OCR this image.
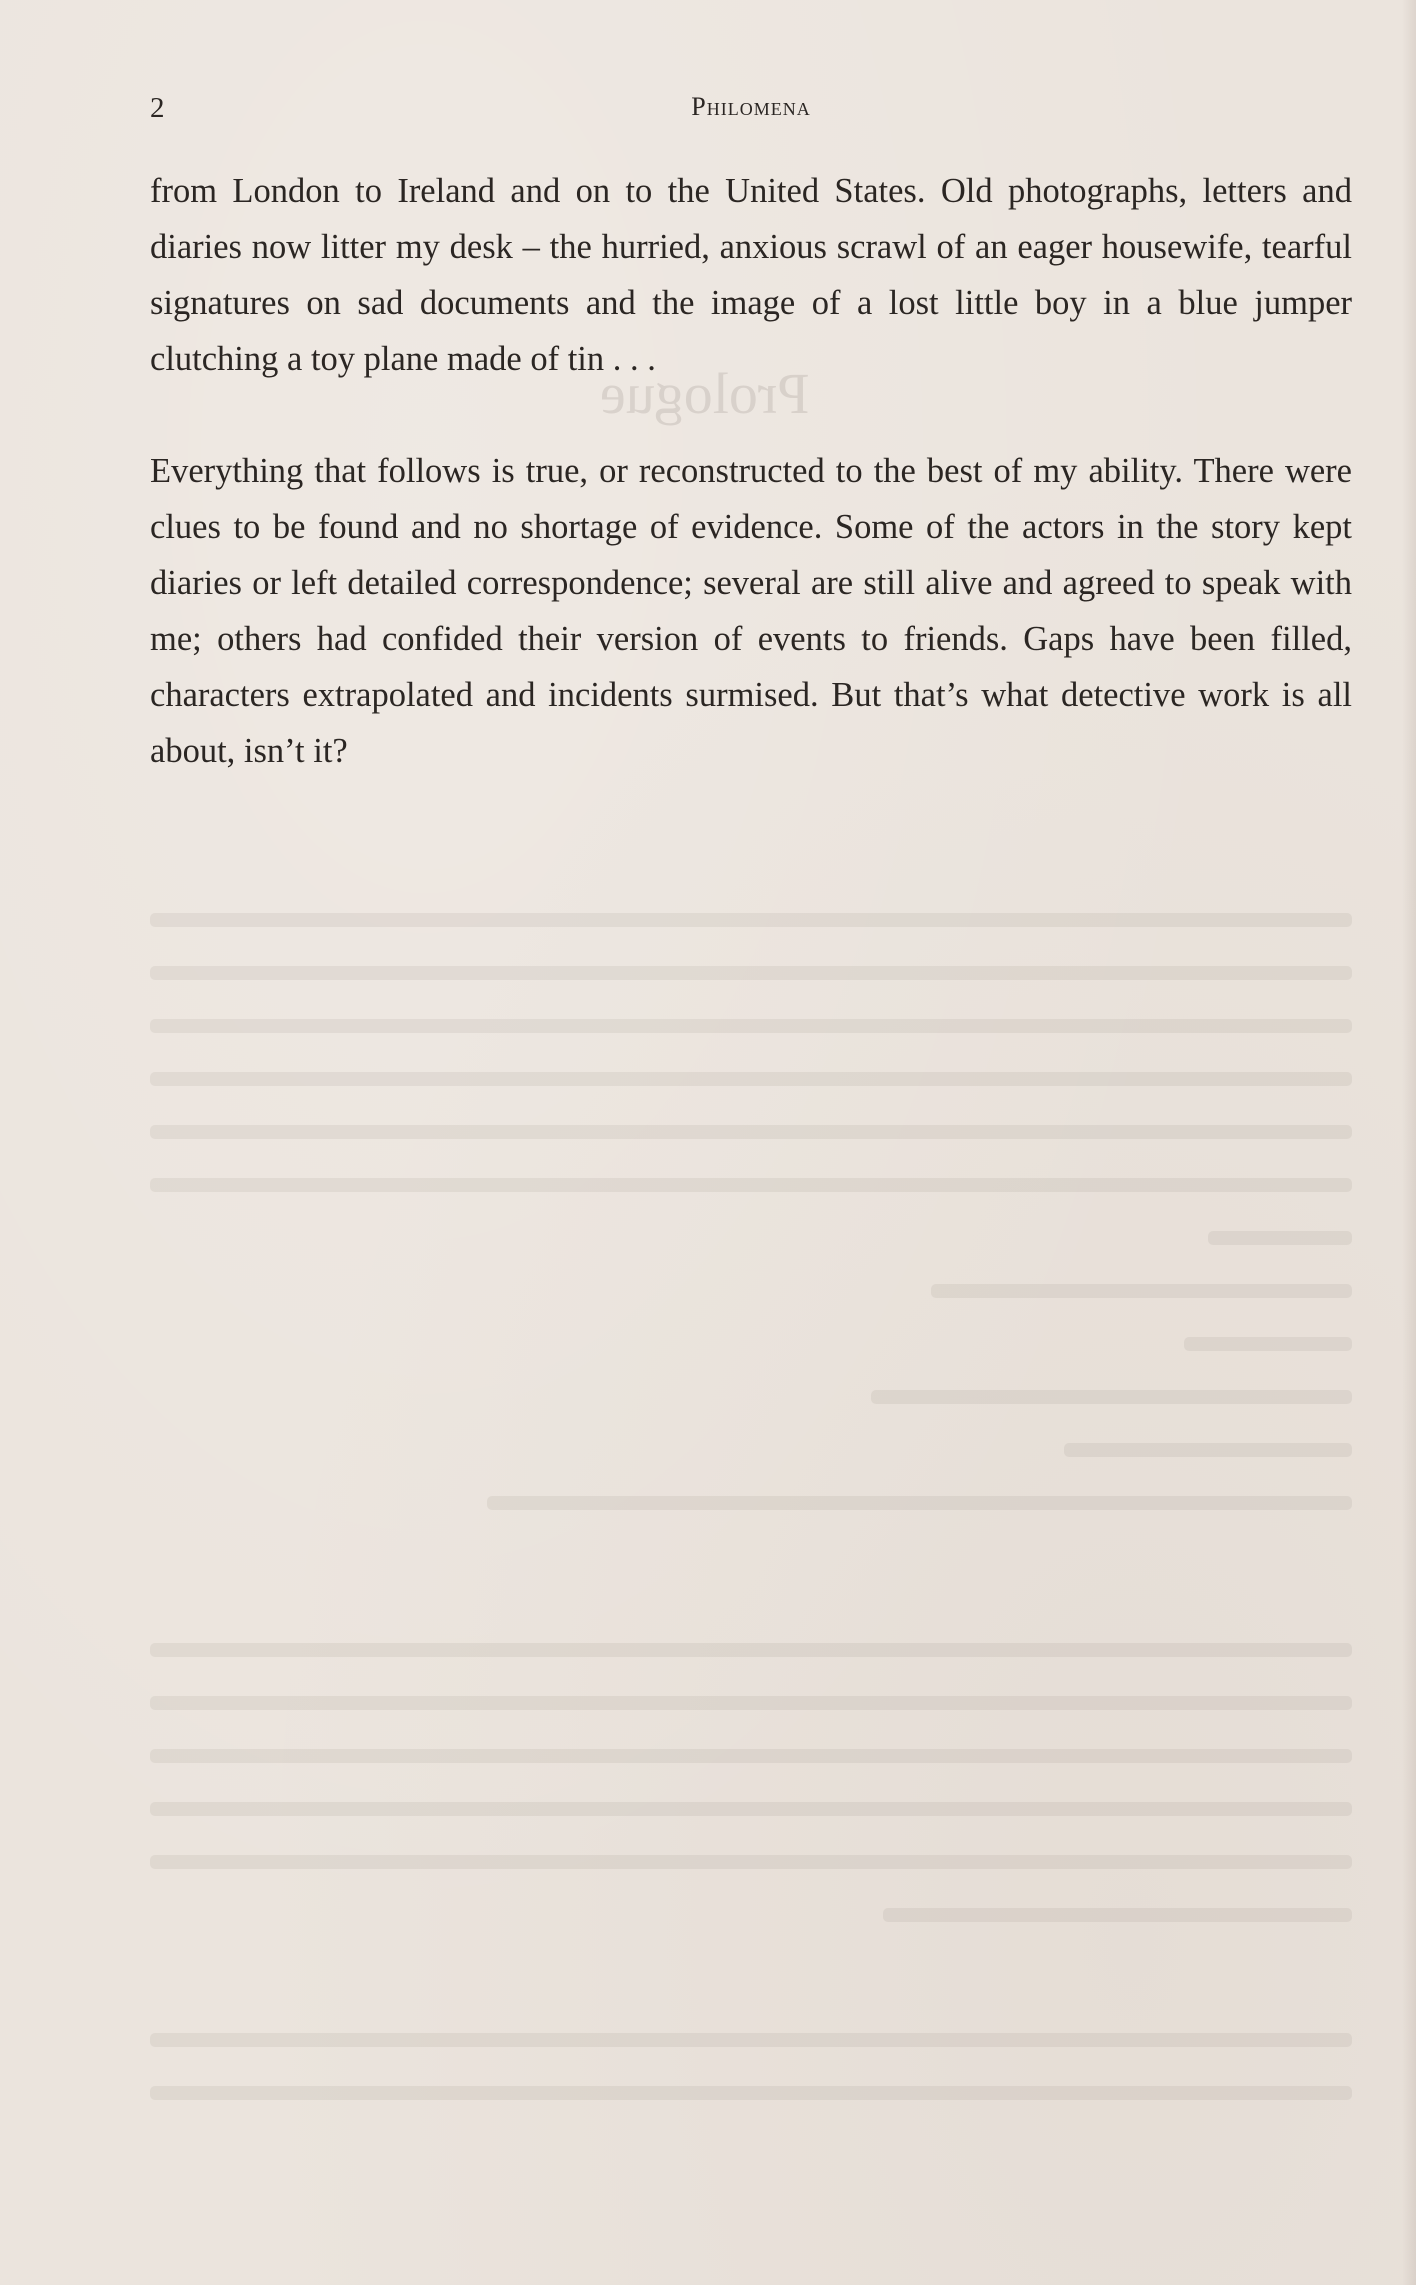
2	Philomena
Prologue

from London to Ireland and on to the United States. Old photographs, letters and diaries now litter my desk – the hurried, anxious scrawl of an eager housewife, tearful signatures on sad documents and the image of a lost little boy in a blue jumper clutching a toy plane made of tin . . .

Everything that follows is true, or reconstructed to the best of my ability. There were clues to be found and no shortage of evidence. Some of the actors in the story kept diaries or left detailed correspondence; several are still alive and agreed to speak with me; others had confided their version of events to friends. Gaps have been filled, characters extrapolated and incidents surmised. But that’s what detective work is all about, isn’t it?
